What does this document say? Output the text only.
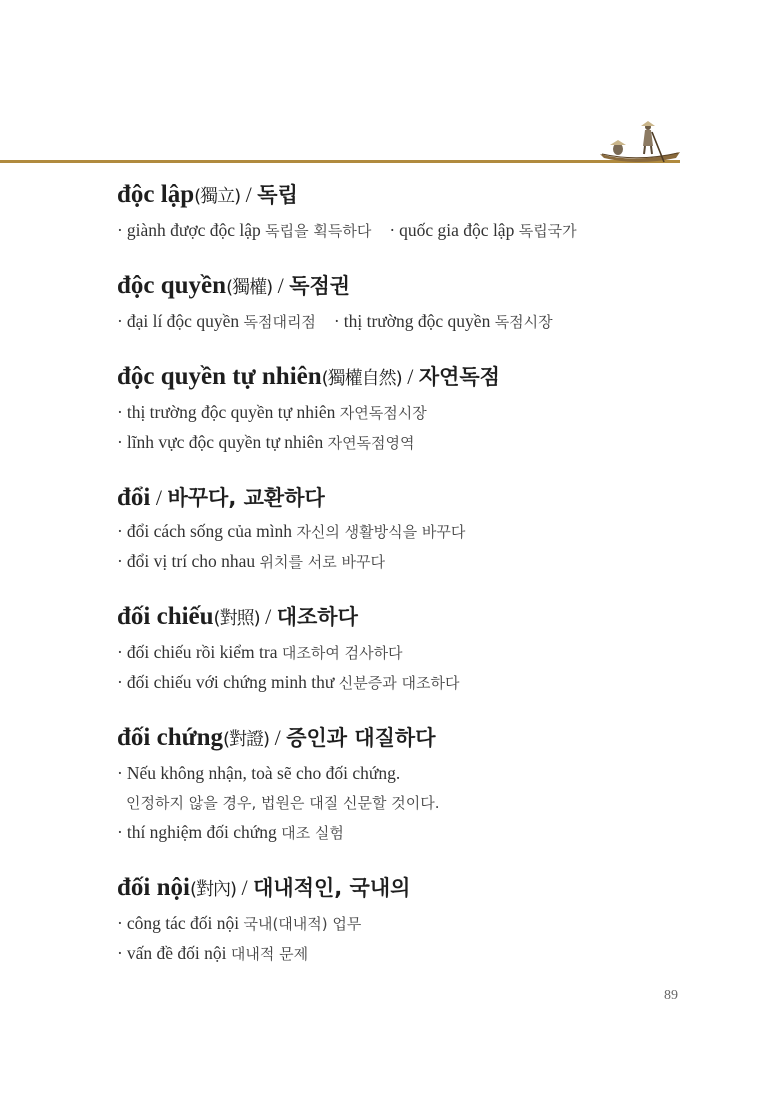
độc lập(獨立) / 독립
· giành được độc lập 독립을 획득하다 · quốc gia độc lập 독립국가
độc quyền(獨權) / 독점권
· đại lí độc quyền 독점대리점 · thị trường độc quyền 독점시장
độc quyền tự nhiên(獨權自然) / 자연독점
· thị trường độc quyền tự nhiên 자연독점시장
· lĩnh vực độc quyền tự nhiên 자연독점영역
đổi / 바꾸다, 교환하다
· đổi cách sống của mình 자신의 생활방식을 바꾸다
· đổi vị trí cho nhau 위치를 서로 바꾸다
đối chiếu(對照) / 대조하다
· đối chiếu rồi kiểm tra 대조하여 검사하다
· đối chiếu với chứng minh thư 신분증과 대조하다
đối chứng(對證) / 증인과 대질하다
· Nếu không nhận, toà sẽ cho đối chứng.
인정하지 않을 경우, 법원은 대질 신문할 것이다.
· thí nghiệm đối chứng 대조 실험
đối nội(對內) / 대내적인, 국내의
· công tác đối nội 국내(대내적) 업무
· vấn đề đối nội 대내적 문제
89
